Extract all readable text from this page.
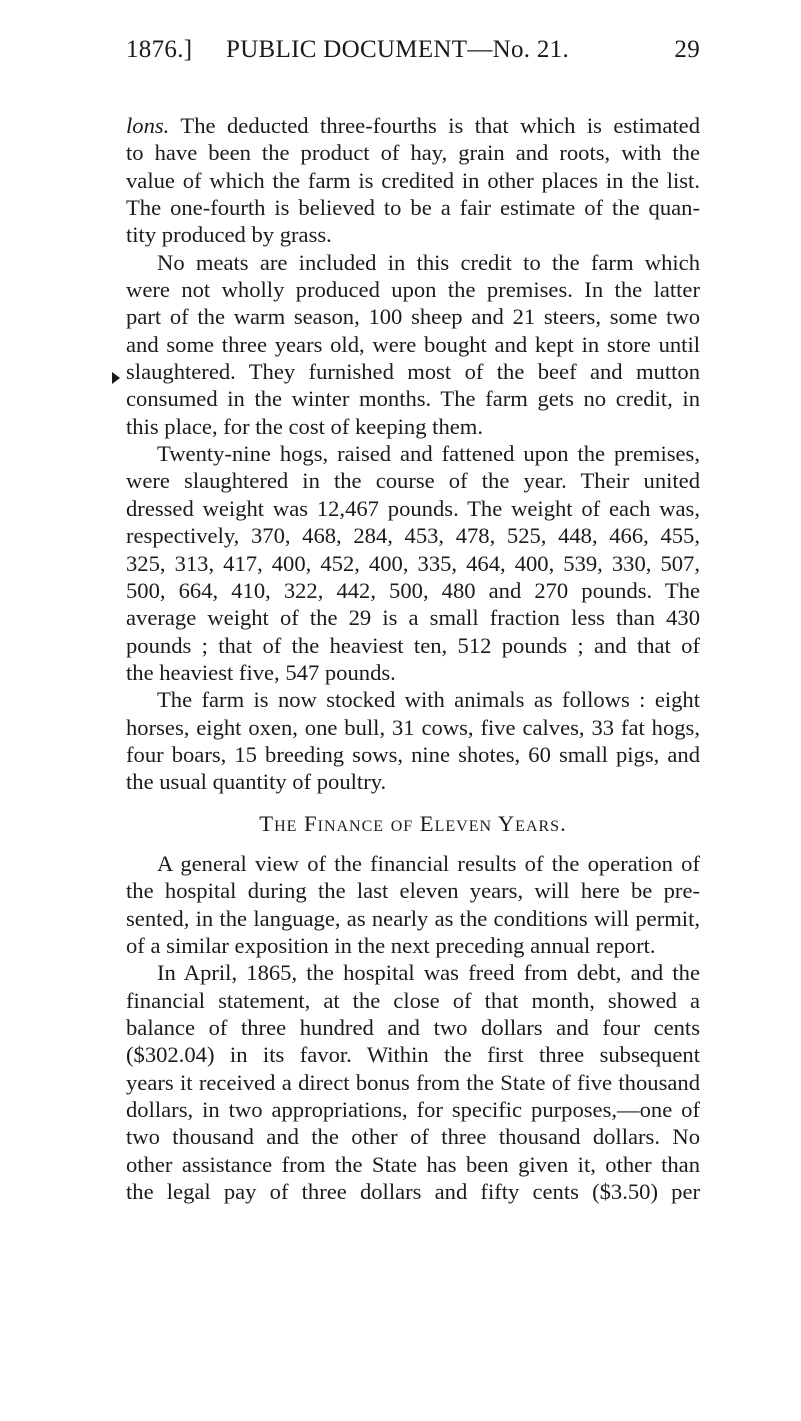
1876.] PUBLIC DOCUMENT—No. 21.	29
lons. The deducted three-fourths is that which is estimated
to have been the product of hay, grain and roots, with the
value of which the farm is credited in other places in the list.
The one-fourth is believed to be a fair estimate of the quan-
tity produced by grass.
No meats are included in this credit to the farm which
were not wholly produced upon the premises. In the latter
part of the warm season, 100 sheep and 21 steers, some two
and some three years old, were bought and kept in store until
slaughtered. They furnished most of the beef and mutton
consumed in the winter months. The farm gets no credit, in
this place, for the cost of keeping them.
Twenty-nine hogs, raised and fattened upon the premises,
were slaughtered in the course of the year. Their united
dressed weight was 12,467 pounds. The weight of each was,
respectively, 370, 468, 284, 453, 478, 525, 448, 466, 455,
325, 313, 417, 400, 452, 400, 335, 464, 400, 539, 330, 507,
500, 664, 410, 322, 442, 500, 480 and 270 pounds. The
average weight of the 29 is a small fraction less than 430
pounds ; that of the heaviest ten, 512 pounds ; and that of
the heaviest five, 547 pounds.
The farm is now stocked with animals as follows : eight
horses, eight oxen, one bull, 31 cows, five calves, 33 fat hogs,
four boars, 15 breeding sows, nine shotes, 60 small pigs, and
the usual quantity of poultry.
The Finance of Eleven Years.
A general view of the financial results of the operation of
the hospital during the last eleven years, will here be pre-
sented, in the language, as nearly as the conditions will permit,
of a similar exposition in the next preceding annual report.
In April, 1865, the hospital was freed from debt, and the
financial statement, at the close of that month, showed a
balance of three hundred and two dollars and four cents
($302.04) in its favor. Within the first three subsequent
years it received a direct bonus from the State of five thousand
dollars, in two appropriations, for specific purposes,—one of
two thousand and the other of three thousand dollars. No
other assistance from the State has been given it, other than
the legal pay of three dollars and fifty cents ($3.50) per
